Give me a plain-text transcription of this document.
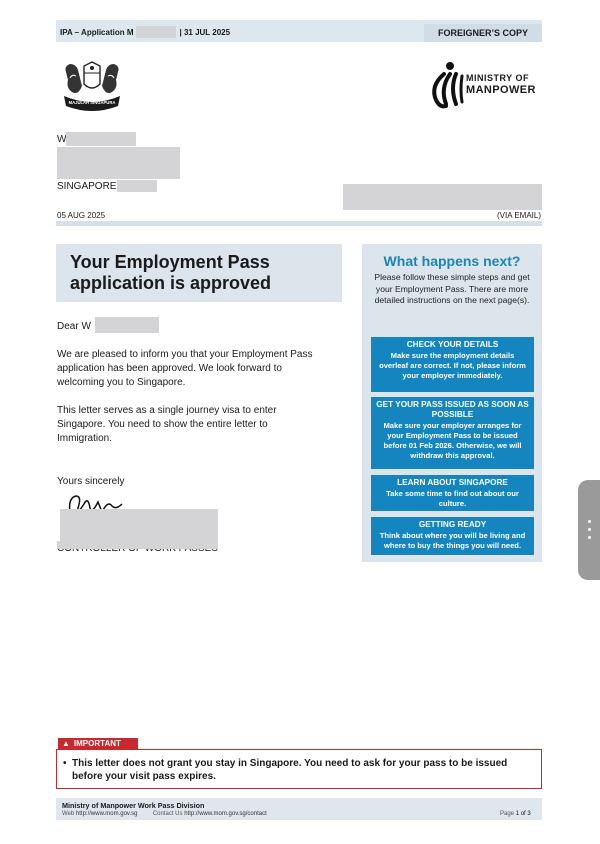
IPA – Application M	| 31 JUL 2025	FOREIGNER’S COPY
MAJULAH SINGAPURA
MINISTRY OF
MANPOWER
W
SINGAPORE
05 AUG 2025	(VIA EMAIL)
Your Employment Pass
application is approved
Dear W
We are pleased to inform you that your Employment Pass application has been approved. We look forward to welcoming you to Singapore.
This letter serves as a single journey visa to enter Singapore. You need to show the entire letter to Immigration.
Yours sincerely
What happens next?
Please follow these simple steps and get your Employment Pass. There are more detailed instructions on the next page(s).
CHECK YOUR DETAILS
Make sure the employment details overleaf are correct. If not, please inform your employer immediately.
GET YOUR PASS ISSUED AS SOON AS POSSIBLE
Make sure your employer arranges for your Employment Pass to be issued before 01 Feb 2026. Otherwise, we will withdraw this approval.
LEARN ABOUT SINGAPORE
Take some time to find out about our culture.
GETTING READY
Think about where you will be living and where to buy the things you will need.
▲ IMPORTANT
• This letter does not grant you stay in Singapore. You need to ask for your pass to be issued before your visit pass expires.
Ministry of Manpower Work Pass Division
Web http://www.mom.gov.sg	Contact Us http://www.mom.gov.sg/contact	Page 1 of 3
